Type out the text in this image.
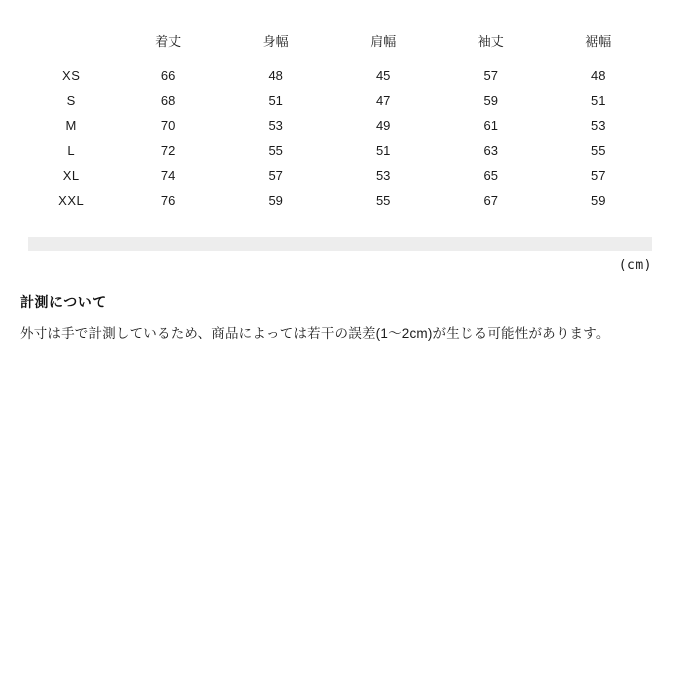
	着丈	身幅	肩幅	袖丈	裾幅
XS	66	48	45	57	48
S	68	51	47	59	51
M	70	53	49	61	53
L	72	55	51	63	55
XL	74	57	53	65	57
XXL	76	59	55	67	59
(cm)
計測について

外寸は手で計測しているため、商品によっては若干の誤差(1〜2cm)が生じる可能性があります。
